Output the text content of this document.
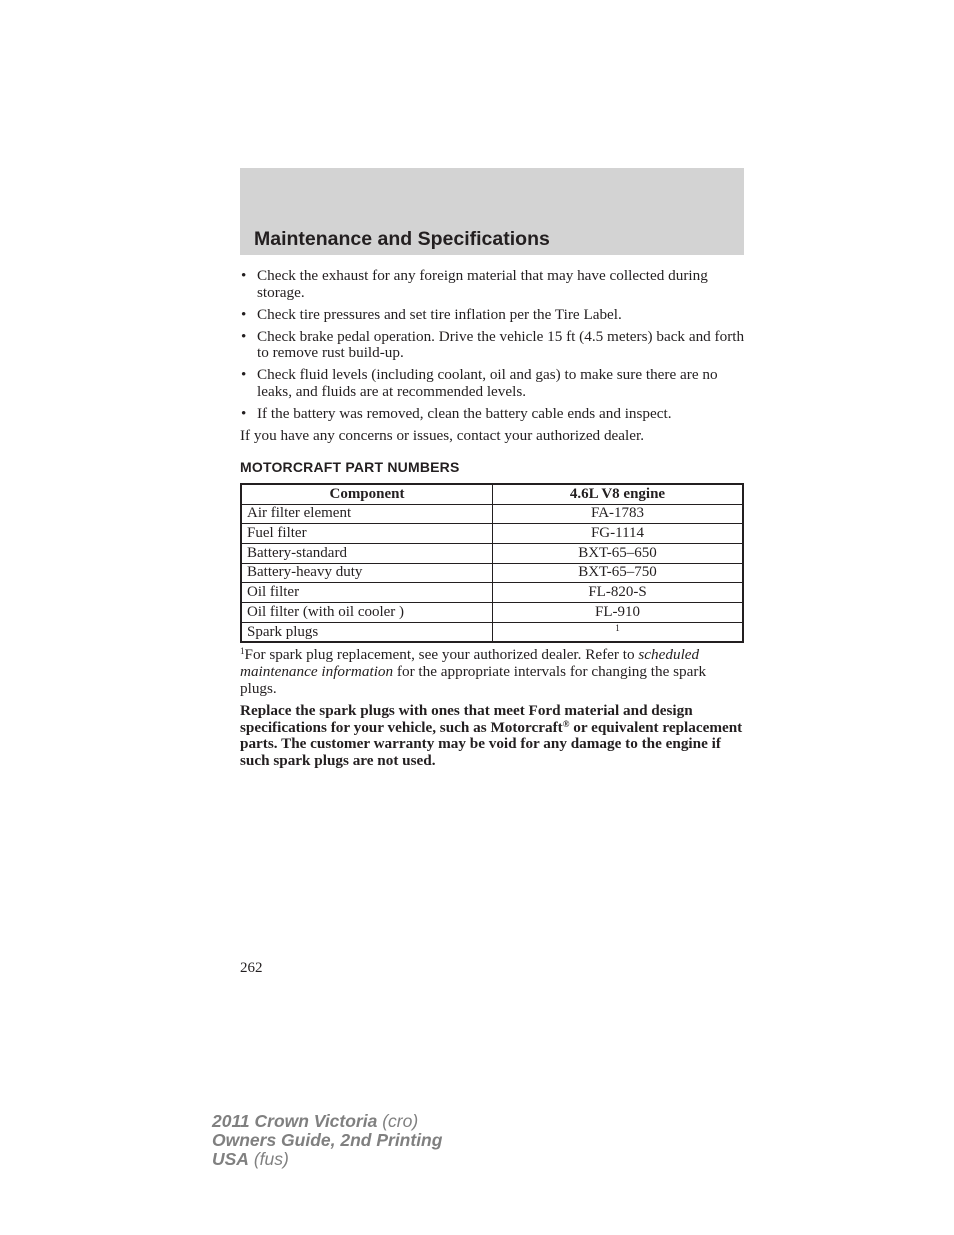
Maintenance and Specifications
• Check the exhaust for any foreign material that may have collected during storage.
• Check tire pressures and set tire inflation per the Tire Label.
• Check brake pedal operation. Drive the vehicle 15 ft (4.5 meters) back and forth to remove rust build-up.
• Check fluid levels (including coolant, oil and gas) to make sure there are no leaks, and fluids are at recommended levels.
• If the battery was removed, clean the battery cable ends and inspect.

If you have any concerns or issues, contact your authorized dealer.

MOTORCRAFT PART NUMBERS
Component	4.6L V8 engine
Air filter element	FA-1783
Fuel filter	FG-1114
Battery-standard	BXT-65–650
Battery-heavy duty	BXT-65–750
Oil filter	FL-820-S
Oil filter (with oil cooler )	FL-910
Spark plugs	$^1$

$^1$For spark plug replacement, see your authorized dealer. Refer to scheduled maintenance information for the appropriate intervals for changing the spark plugs.

Replace the spark plugs with ones that meet Ford material and design specifications for your vehicle, such as Motorcraft® or equivalent replacement parts. The customer warranty may be void for any damage to the engine if such spark plugs are not used.

262
2011 Crown Victoria (cro)
Owners Guide, 2nd Printing
USA (fus)
